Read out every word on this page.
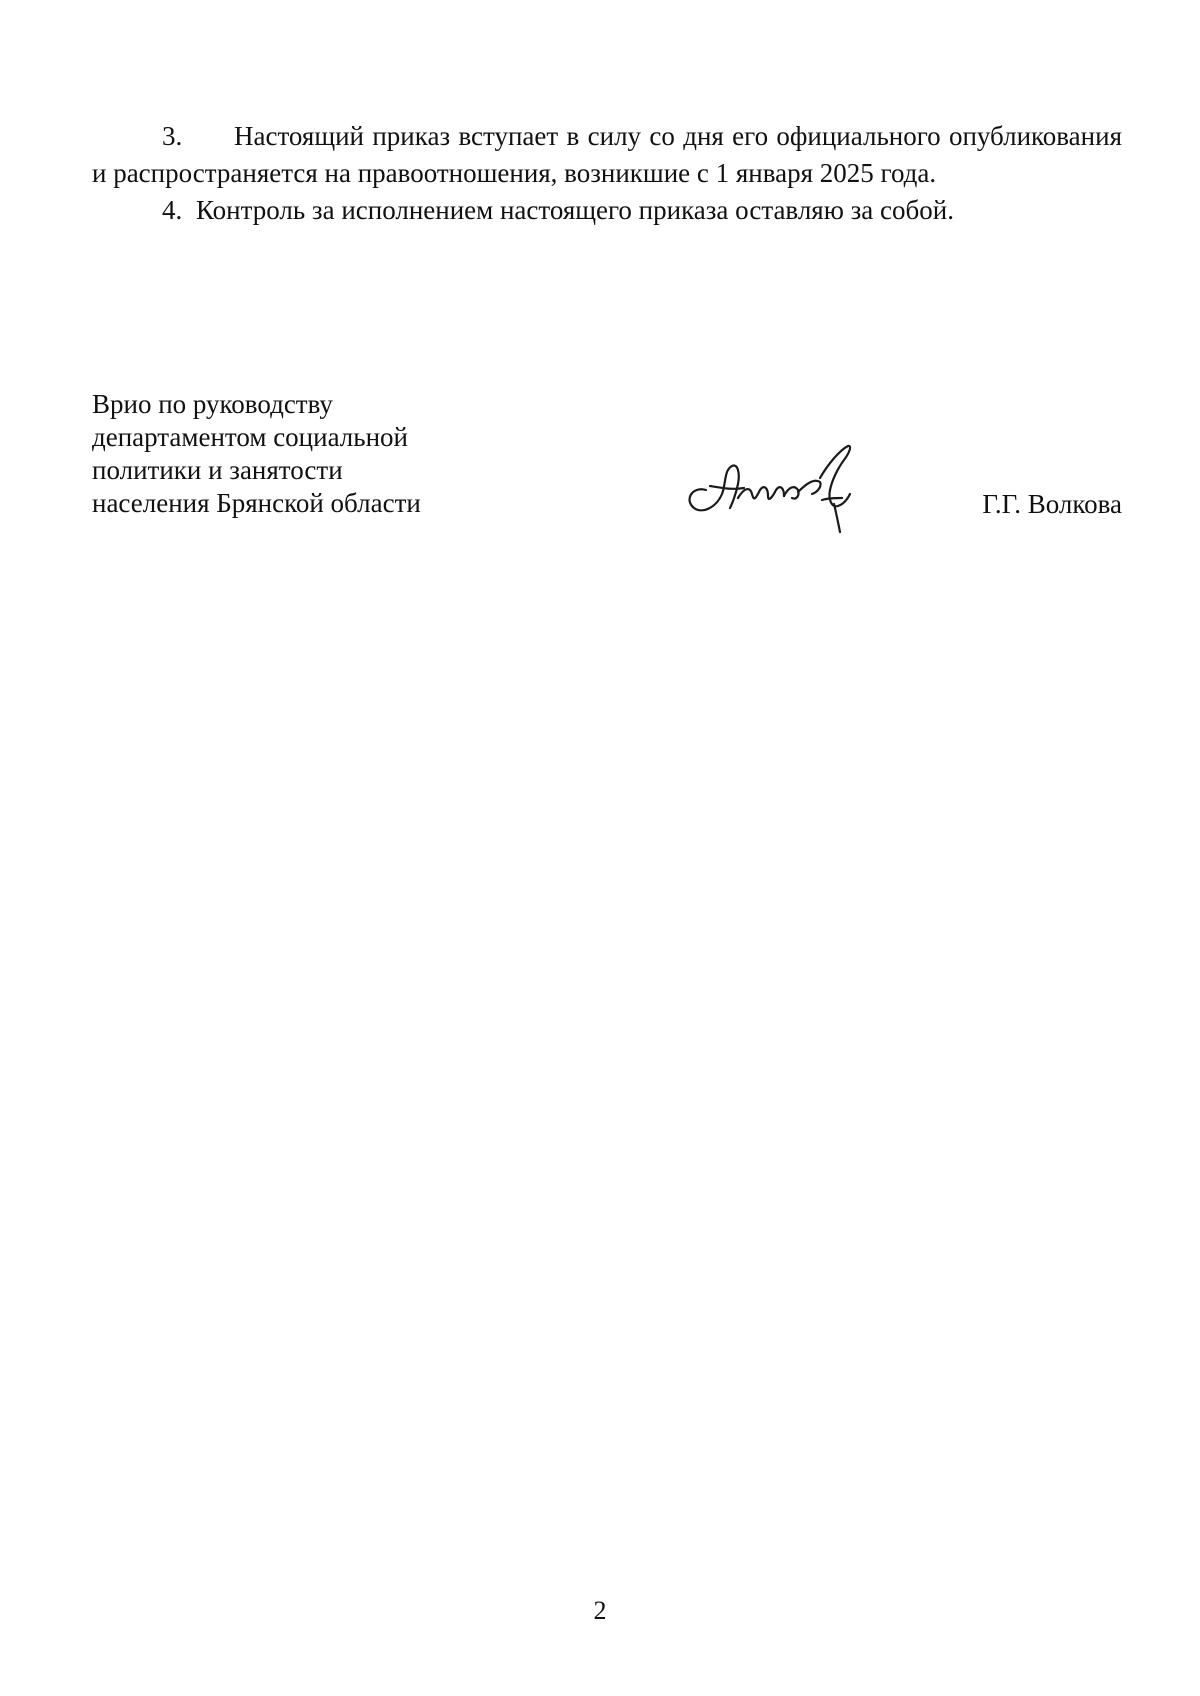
3. Настоящий приказ вступает в силу со дня его официального опубликования и распространяется на правоотношения, возникшие с 1 января 2025 года.

4. Контроль за исполнением настоящего приказа оставляю за собой.

Врио по руководству
департаментом социальной
политики и занятости
населения Брянской области	Г.Г. Волкова
2
